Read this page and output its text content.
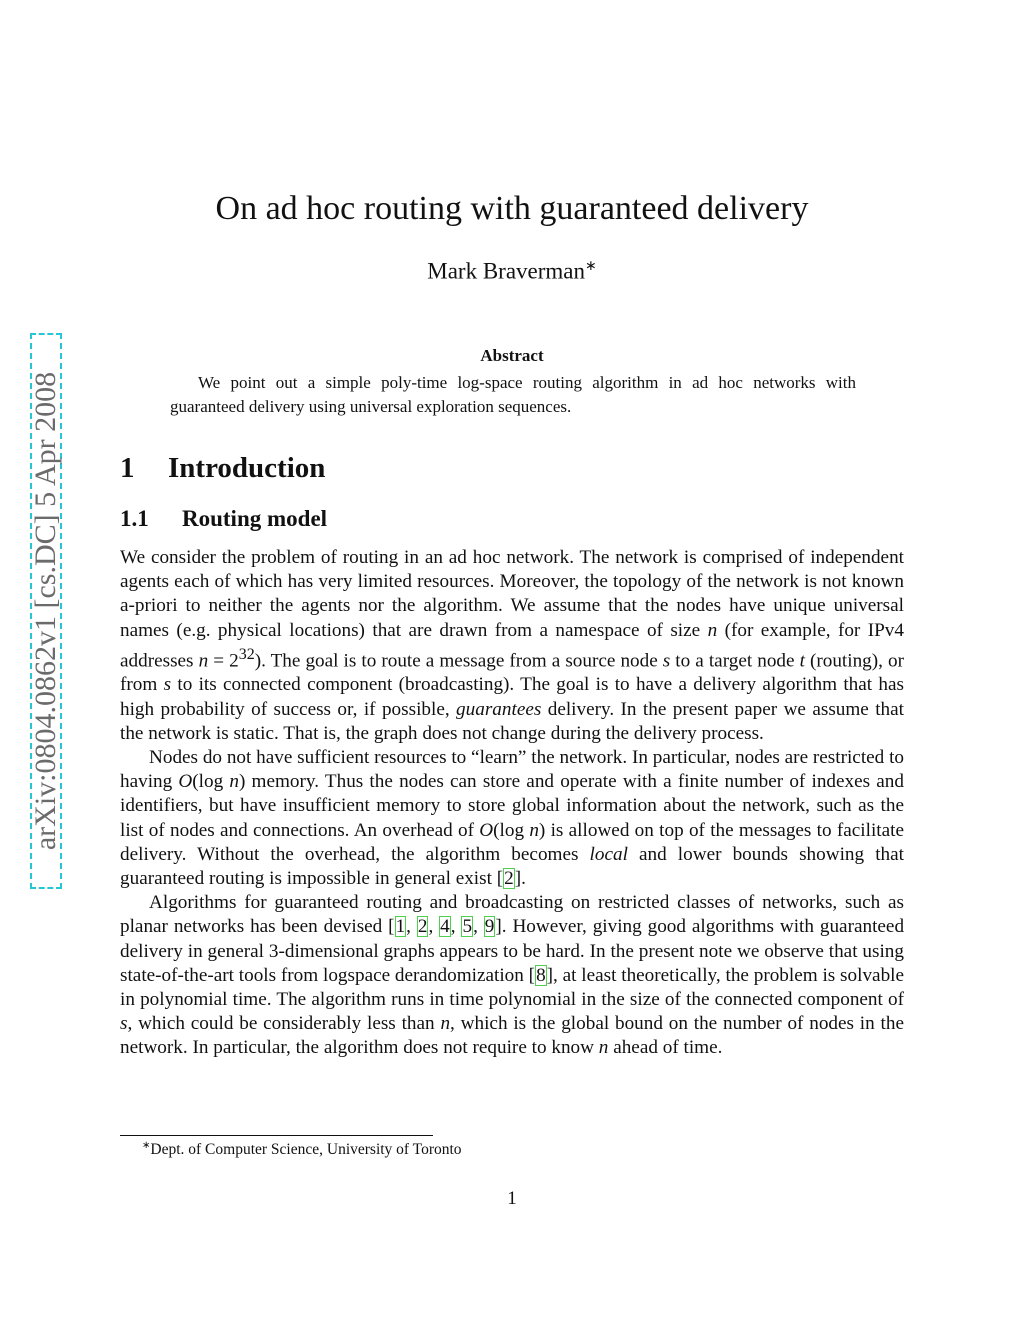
arXiv:0804.0862v1 [cs.DC] 5 Apr 2008
On ad hoc routing with guaranteed delivery
Mark Braverman∗
Abstract
We point out a simple poly-time log-space routing algorithm in ad hoc networks with guaranteed delivery using universal exploration sequences.
1 Introduction
1.1 Routing model

We consider the problem of routing in an ad hoc network. The network is comprised of independent agents each of which has very limited resources. Moreover, the topology of the network is not known a-priori to neither the agents nor the algorithm. We assume that the nodes have unique universal names (e.g. physical locations) that are drawn from a namespace of size n (for example, for IPv4 addresses $n = 2^{32}$). The goal is to route a message from a source node s to a target node t (routing), or from s to its connected component (broadcasting). The goal is to have a delivery algorithm that has high probability of success or, if possible, guarantees delivery. In the present paper we assume that the network is static. That is, the graph does not change during the delivery process.

Nodes do not have sufficient resources to “learn” the network. In particular, nodes are restricted to having O(log n) memory. Thus the nodes can store and operate with a finite number of indexes and identifiers, but have insufficient memory to store global information about the network, such as the list of nodes and connections. An overhead of O(log n) is allowed on top of the messages to facilitate delivery. Without the overhead, the algorithm becomes local and lower bounds showing that guaranteed routing is impossible in general exist [2].

Algorithms for guaranteed routing and broadcasting on restricted classes of networks, such as planar networks has been devised [1, 2, 4, 5, 9]. However, giving good algorithms with guaranteed delivery in general 3-dimensional graphs appears to be hard. In the present note we observe that using state-of-the-art tools from logspace derandomization [8], at least theoretically, the problem is solvable in polynomial time. The algorithm runs in time polynomial in the size of the connected component of s, which could be considerably less than n, which is the global bound on the number of nodes in the network. In particular, the algorithm does not require to know n ahead of time.

∗Dept. of Computer Science, University of Toronto
1
